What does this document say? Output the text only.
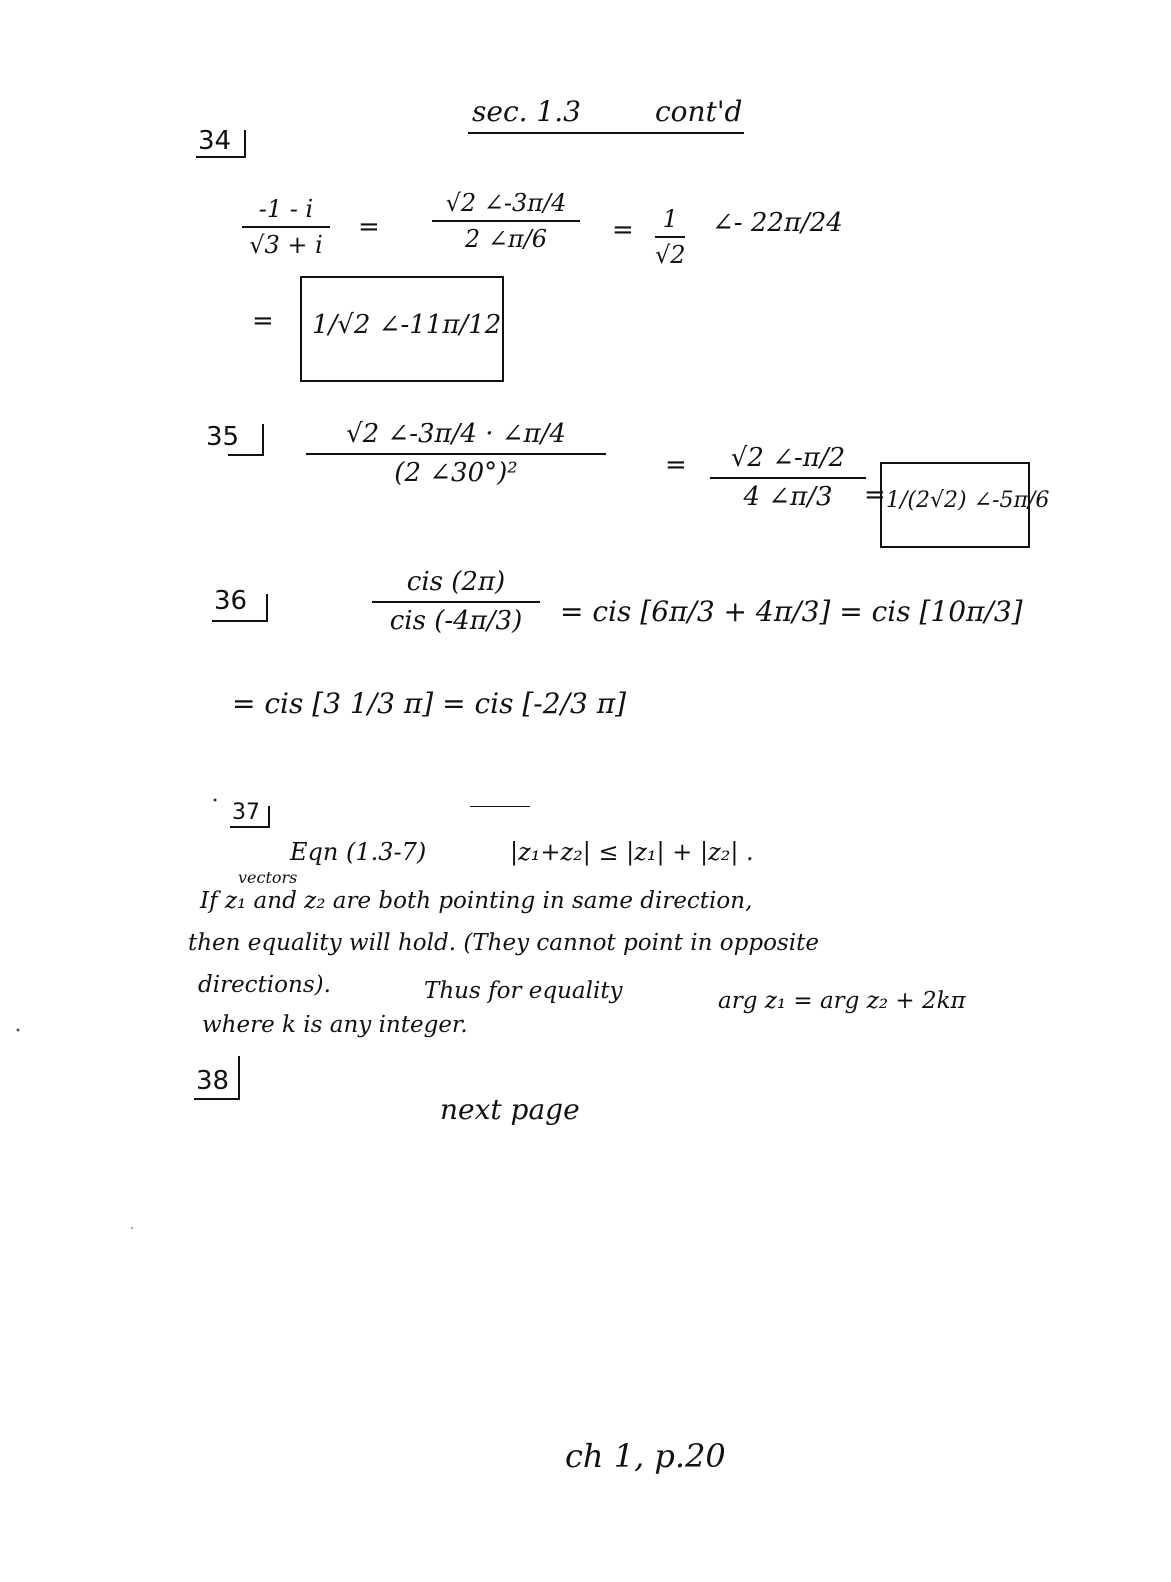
sec. 1.3	cont'd
34
-1 - i
√3 + i
=
√2 ∠-3π/4
2 ∠π/6 = 1
√2
∠- 22π/24
= 1/√2 ∠-11π/12
35	√2 ∠-3π/4 · ∠π/4
(2 ∠30°)²	= √2 ∠-π/2
4 ∠π/3 = 1/(2√2) ∠-5π/6
36
cis (2π)
cis (-4π/3) = cis [6π/3 + 4π/3] = cis [10π/3]
= cis [3 1/3 π] = cis [-2/3 π]
37
Eqn (1.3-7)	|z₁+z₂| ≤ |z₁| + |z₂| .
vectors
If z₁ and z₂ are both pointing in same direction,
then equality will hold. (They cannot point in opposite
directions).	Thus for equality	arg z₁ = arg z₂ + 2kπ
where k is any integer.
38
next page
ch 1, p.20
